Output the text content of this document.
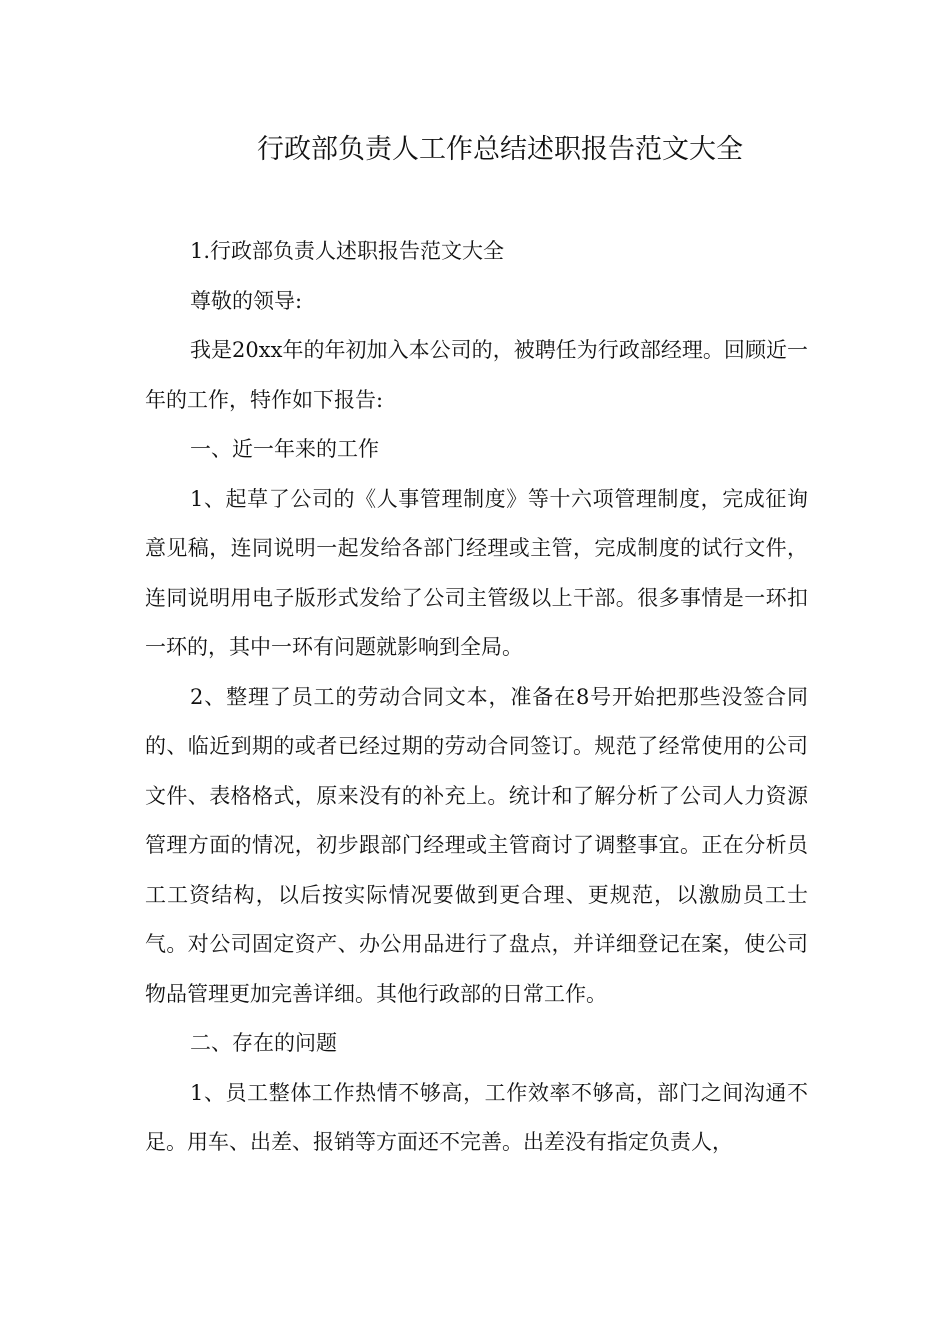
行政部负责人工作总结述职报告范文大全

1.行政部负责人述职报告范文大全

尊敬的领导:

我是20xx年的年初加入本公司的，被聘任为行政部经理。回顾近一年的工作，特作如下报告:

一、近一年来的工作

1、起草了公司的《人事管理制度》等十六项管理制度，完成征询意见稿，连同说明一起发给各部门经理或主管，完成制度的试行文件，连同说明用电子版形式发给了公司主管级以上干部。很多事情是一环扣一环的，其中一环有问题就影响到全局。

2、整理了员工的劳动合同文本，准备在8号开始把那些没签合同的、临近到期的或者已经过期的劳动合同签订。规范了经常使用的公司文件、表格格式，原来没有的补充上。统计和了解分析了公司人力资源管理方面的情况，初步跟部门经理或主管商讨了调整事宜。正在分析员工工资结构，以后按实际情况要做到更合理、更规范，以激励员工士气。对公司固定资产、办公用品进行了盘点，并详细登记在案，使公司物品管理更加完善详细。其他行政部的日常工作。

二、存在的问题

1、员工整体工作热情不够高，工作效率不够高，部门之间沟通不足。用车、出差、报销等方面还不完善。出差没有指定负责人，
